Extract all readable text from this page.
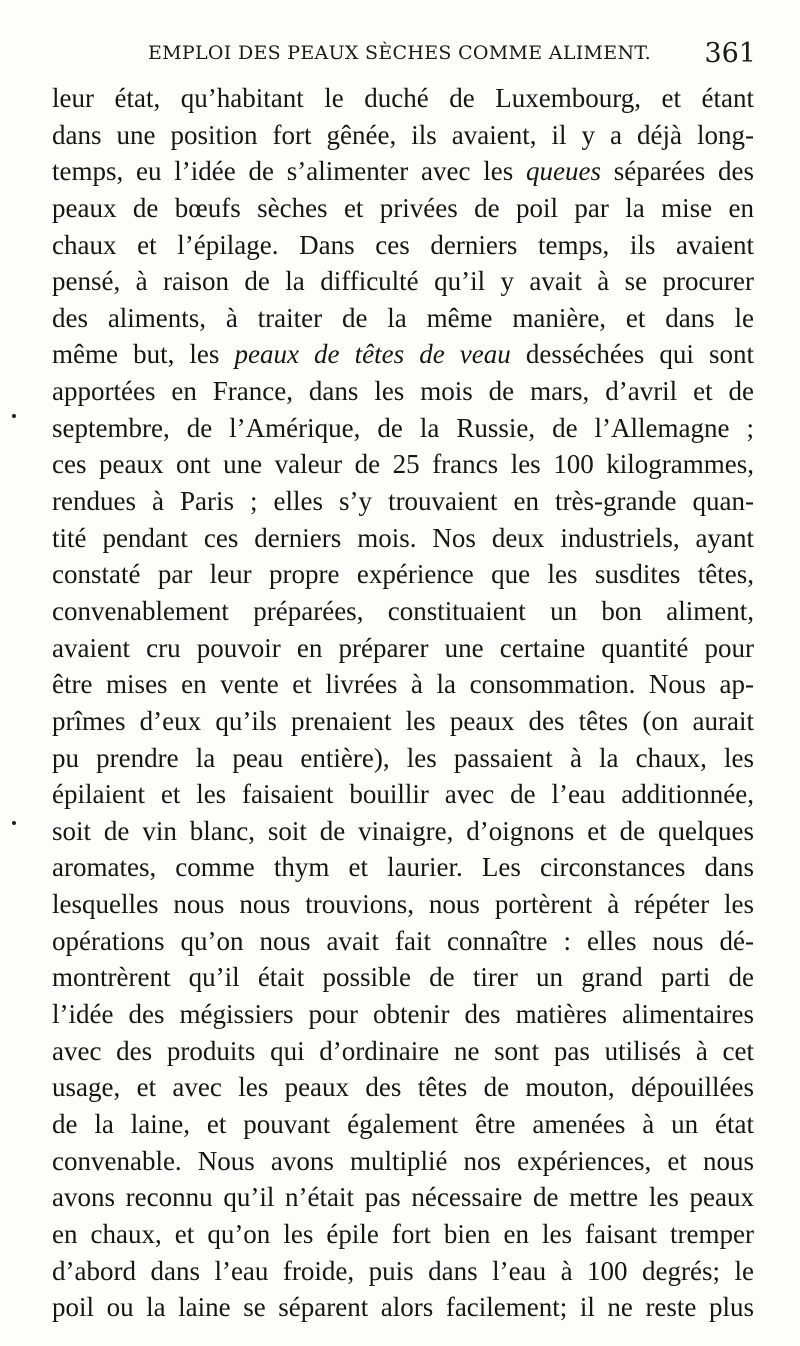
EMPLOI DES PEAUX SÈCHES COMME ALIMENT. 361
leur état, qu’habitant le duché de Luxembourg, et étant
dans une position fort gênée, ils avaient, il y a déjà long-
temps, eu l’idée de s’alimenter avec les queues séparées des
peaux de bœufs sèches et privées de poil par la mise en
chaux et l’épilage. Dans ces derniers temps, ils avaient
pensé, à raison de la difficulté qu’il y avait à se procurer
des aliments, à traiter de la même manière, et dans le
même but, les peaux de têtes de veau desséchées qui sont
apportées en France, dans les mois de mars, d’avril et de
septembre, de l’Amérique, de la Russie, de l’Allemagne ;
ces peaux ont une valeur de 25 francs les 100 kilogrammes,
rendues à Paris ; elles s’y trouvaient en très-grande quan-
tité pendant ces derniers mois. Nos deux industriels, ayant
constaté par leur propre expérience que les susdites têtes,
convenablement préparées, constituaient un bon aliment,
avaient cru pouvoir en préparer une certaine quantité pour
être mises en vente et livrées à la consommation. Nous ap-
prîmes d’eux qu’ils prenaient les peaux des têtes (on aurait
pu prendre la peau entière), les passaient à la chaux, les
épilaient et les faisaient bouillir avec de l’eau additionnée,
soit de vin blanc, soit de vinaigre, d’oignons et de quelques
aromates, comme thym et laurier. Les circonstances dans
lesquelles nous nous trouvions, nous portèrent à répéter les
opérations qu’on nous avait fait connaître : elles nous dé-
montrèrent qu’il était possible de tirer un grand parti de
l’idée des mégissiers pour obtenir des matières alimentaires
avec des produits qui d’ordinaire ne sont pas utilisés à cet
usage, et avec les peaux des têtes de mouton, dépouillées
de la laine, et pouvant également être amenées à un état
convenable. Nous avons multiplié nos expériences, et nous
avons reconnu qu’il n’était pas nécessaire de mettre les peaux
en chaux, et qu’on les épile fort bien en les faisant tremper
d’abord dans l’eau froide, puis dans l’eau à 100 degrés; le
poil ou la laine se séparent alors facilement; il ne reste plus
